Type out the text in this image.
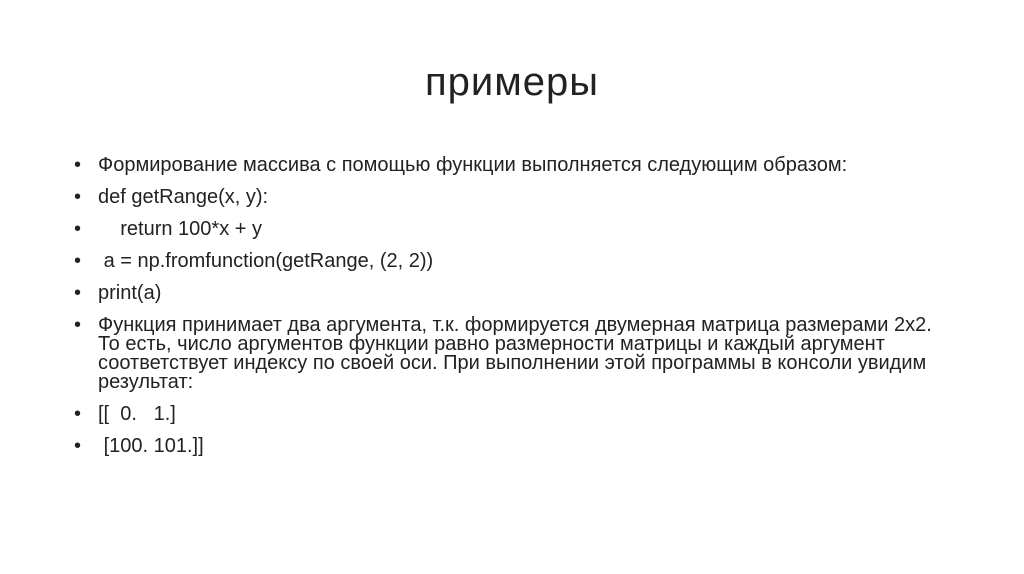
примеры
• Формирование массива с помощью функции выполняется следующим образом:
• def getRange(x, y):
• return 100*x + y
• a = np.fromfunction(getRange, (2, 2))
• print(a)
• Функция принимает два аргумента, т.к. формируется двумерная матрица размерами 2x2. То есть, число аргументов функции равно размерности матрицы и каждый аргумент соответствует индексу по своей оси. При выполнении этой программы в консоли увидим результат:
• [[  0.   1.]
• [100. 101.]]
